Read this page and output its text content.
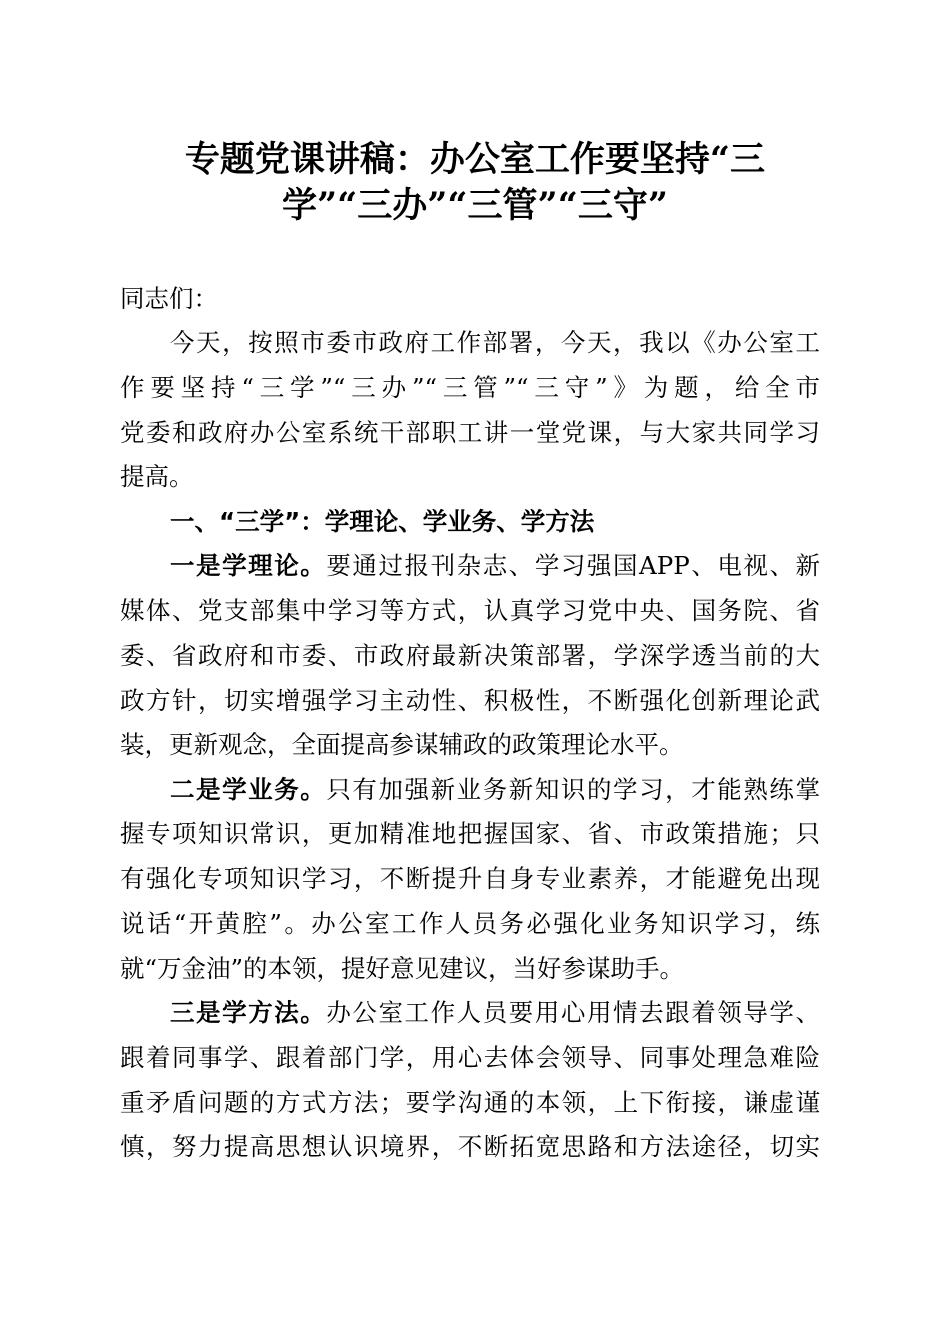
专题党课讲稿：办公室工作要坚持“三
学”“三办”“三管”“三守”
同志们：
今天，按照市委市政府工作部署，今天，我以《办公室工
作要坚持“三学”“三办”“三管”“三守”》为题，给全市
党委和政府办公室系统干部职工讲一堂党课，与大家共同学习
提高。
一、“三学”：学理论、学业务、学方法
一是学理论。要通过报刊杂志、学习强国APP、电视、新
媒体、党支部集中学习等方式，认真学习党中央、国务院、省
委、省政府和市委、市政府最新决策部署，学深学透当前的大
政方针，切实增强学习主动性、积极性，不断强化创新理论武
装，更新观念，全面提高参谋辅政的政策理论水平。
二是学业务。只有加强新业务新知识的学习，才能熟练掌
握专项知识常识，更加精准地把握国家、省、市政策措施；只
有强化专项知识学习，不断提升自身专业素养，才能避免出现
说话“开黄腔”。办公室工作人员务必强化业务知识学习，练
就“万金油”的本领，提好意见建议，当好参谋助手。
三是学方法。办公室工作人员要用心用情去跟着领导学、
跟着同事学、跟着部门学，用心去体会领导、同事处理急难险
重矛盾问题的方式方法；要学沟通的本领，上下衔接，谦虚谨
慎，努力提高思想认识境界，不断拓宽思路和方法途径，切实
